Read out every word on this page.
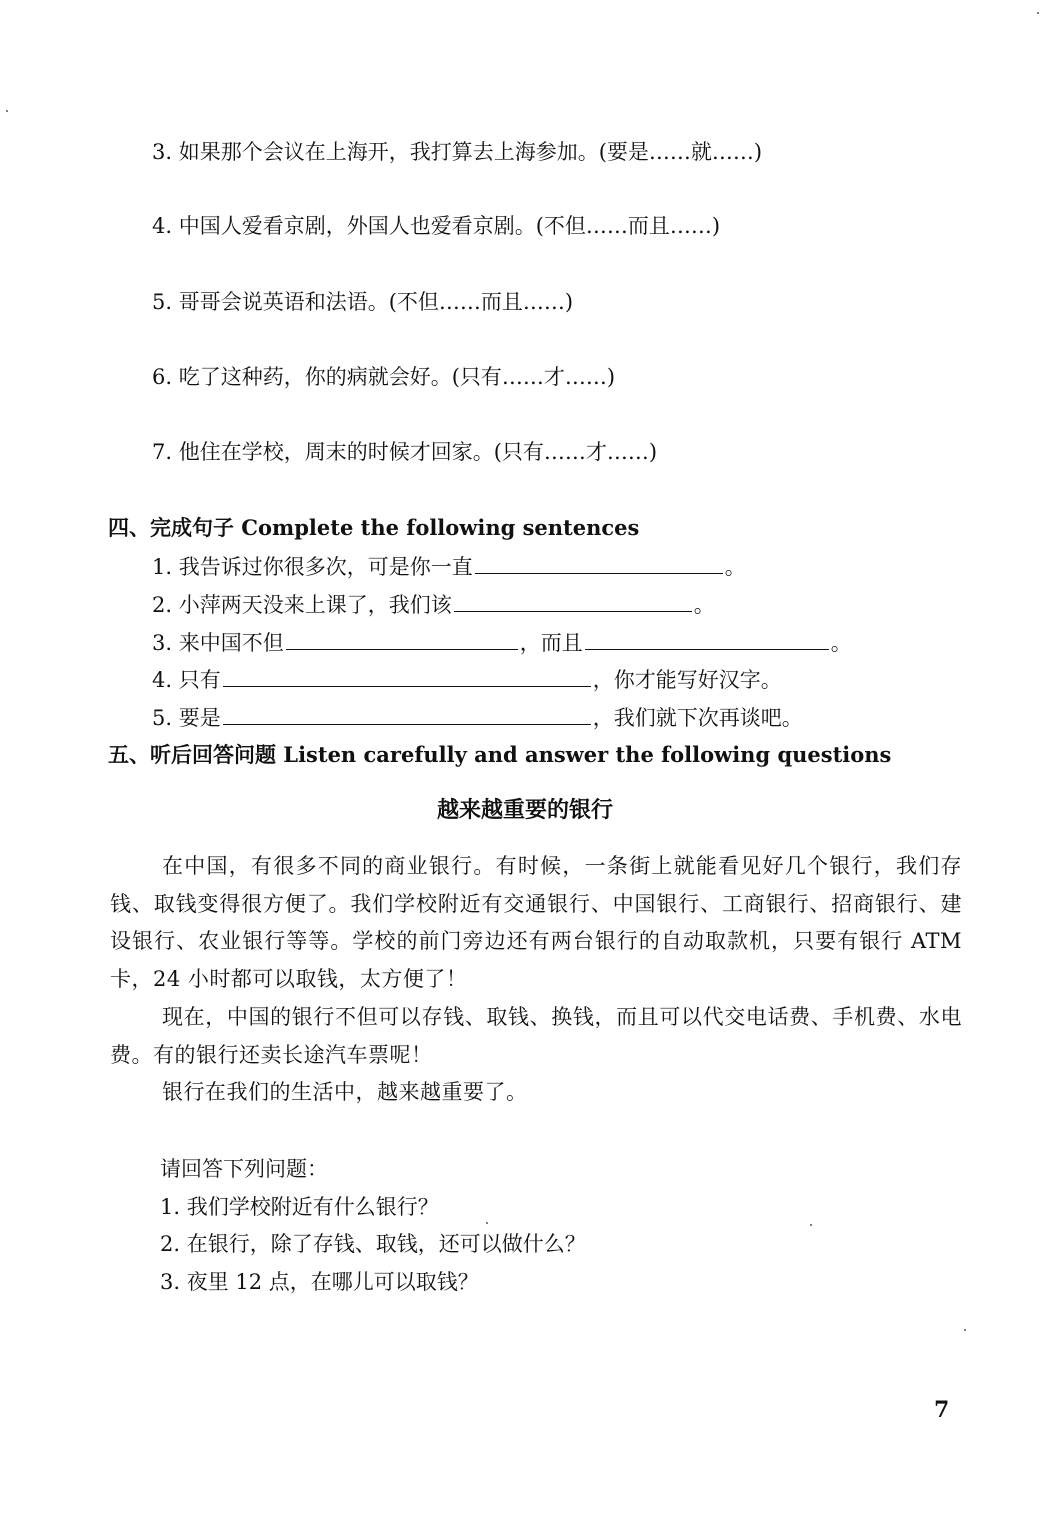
3. 如果那个会议在上海开，我打算去上海参加。(要是……就……)
4. 中国人爱看京剧，外国人也爱看京剧。(不但……而且……)
5. 哥哥会说英语和法语。(不但……而且……)
6. 吃了这种药，你的病就会好。(只有……才……)
7. 他住在学校，周末的时候才回家。(只有……才……)
四、完成句子 Complete the following sentences
1. 我告诉过你很多次，可是你一直	。
2. 小萍两天没来上课了，我们该	。
3. 来中国不但	，而且	。
4. 只有	，你才能写好汉字。
5. 要是	，我们就下次再谈吧。
五、听后回答问题 Listen carefully and answer the following questions
越来越重要的银行

在中国，有很多不同的商业银行。有时候，一条街上就能看见好几个银行，我们存钱、取钱变得很方便了。我们学校附近有交通银行、中国银行、工商银行、招商银行、建设银行、农业银行等等。学校的前门旁边还有两台银行的自动取款机，只要有银行 ATM 卡，24 小时都可以取钱，太方便了！

现在，中国的银行不但可以存钱、取钱、换钱，而且可以代交电话费、手机费、水电费。有的银行还卖长途汽车票呢！

银行在我们的生活中，越来越重要了。

请回答下列问题：
1. 我们学校附近有什么银行？
2. 在银行，除了存钱、取钱，还可以做什么？
3. 夜里 12 点，在哪儿可以取钱？
7
